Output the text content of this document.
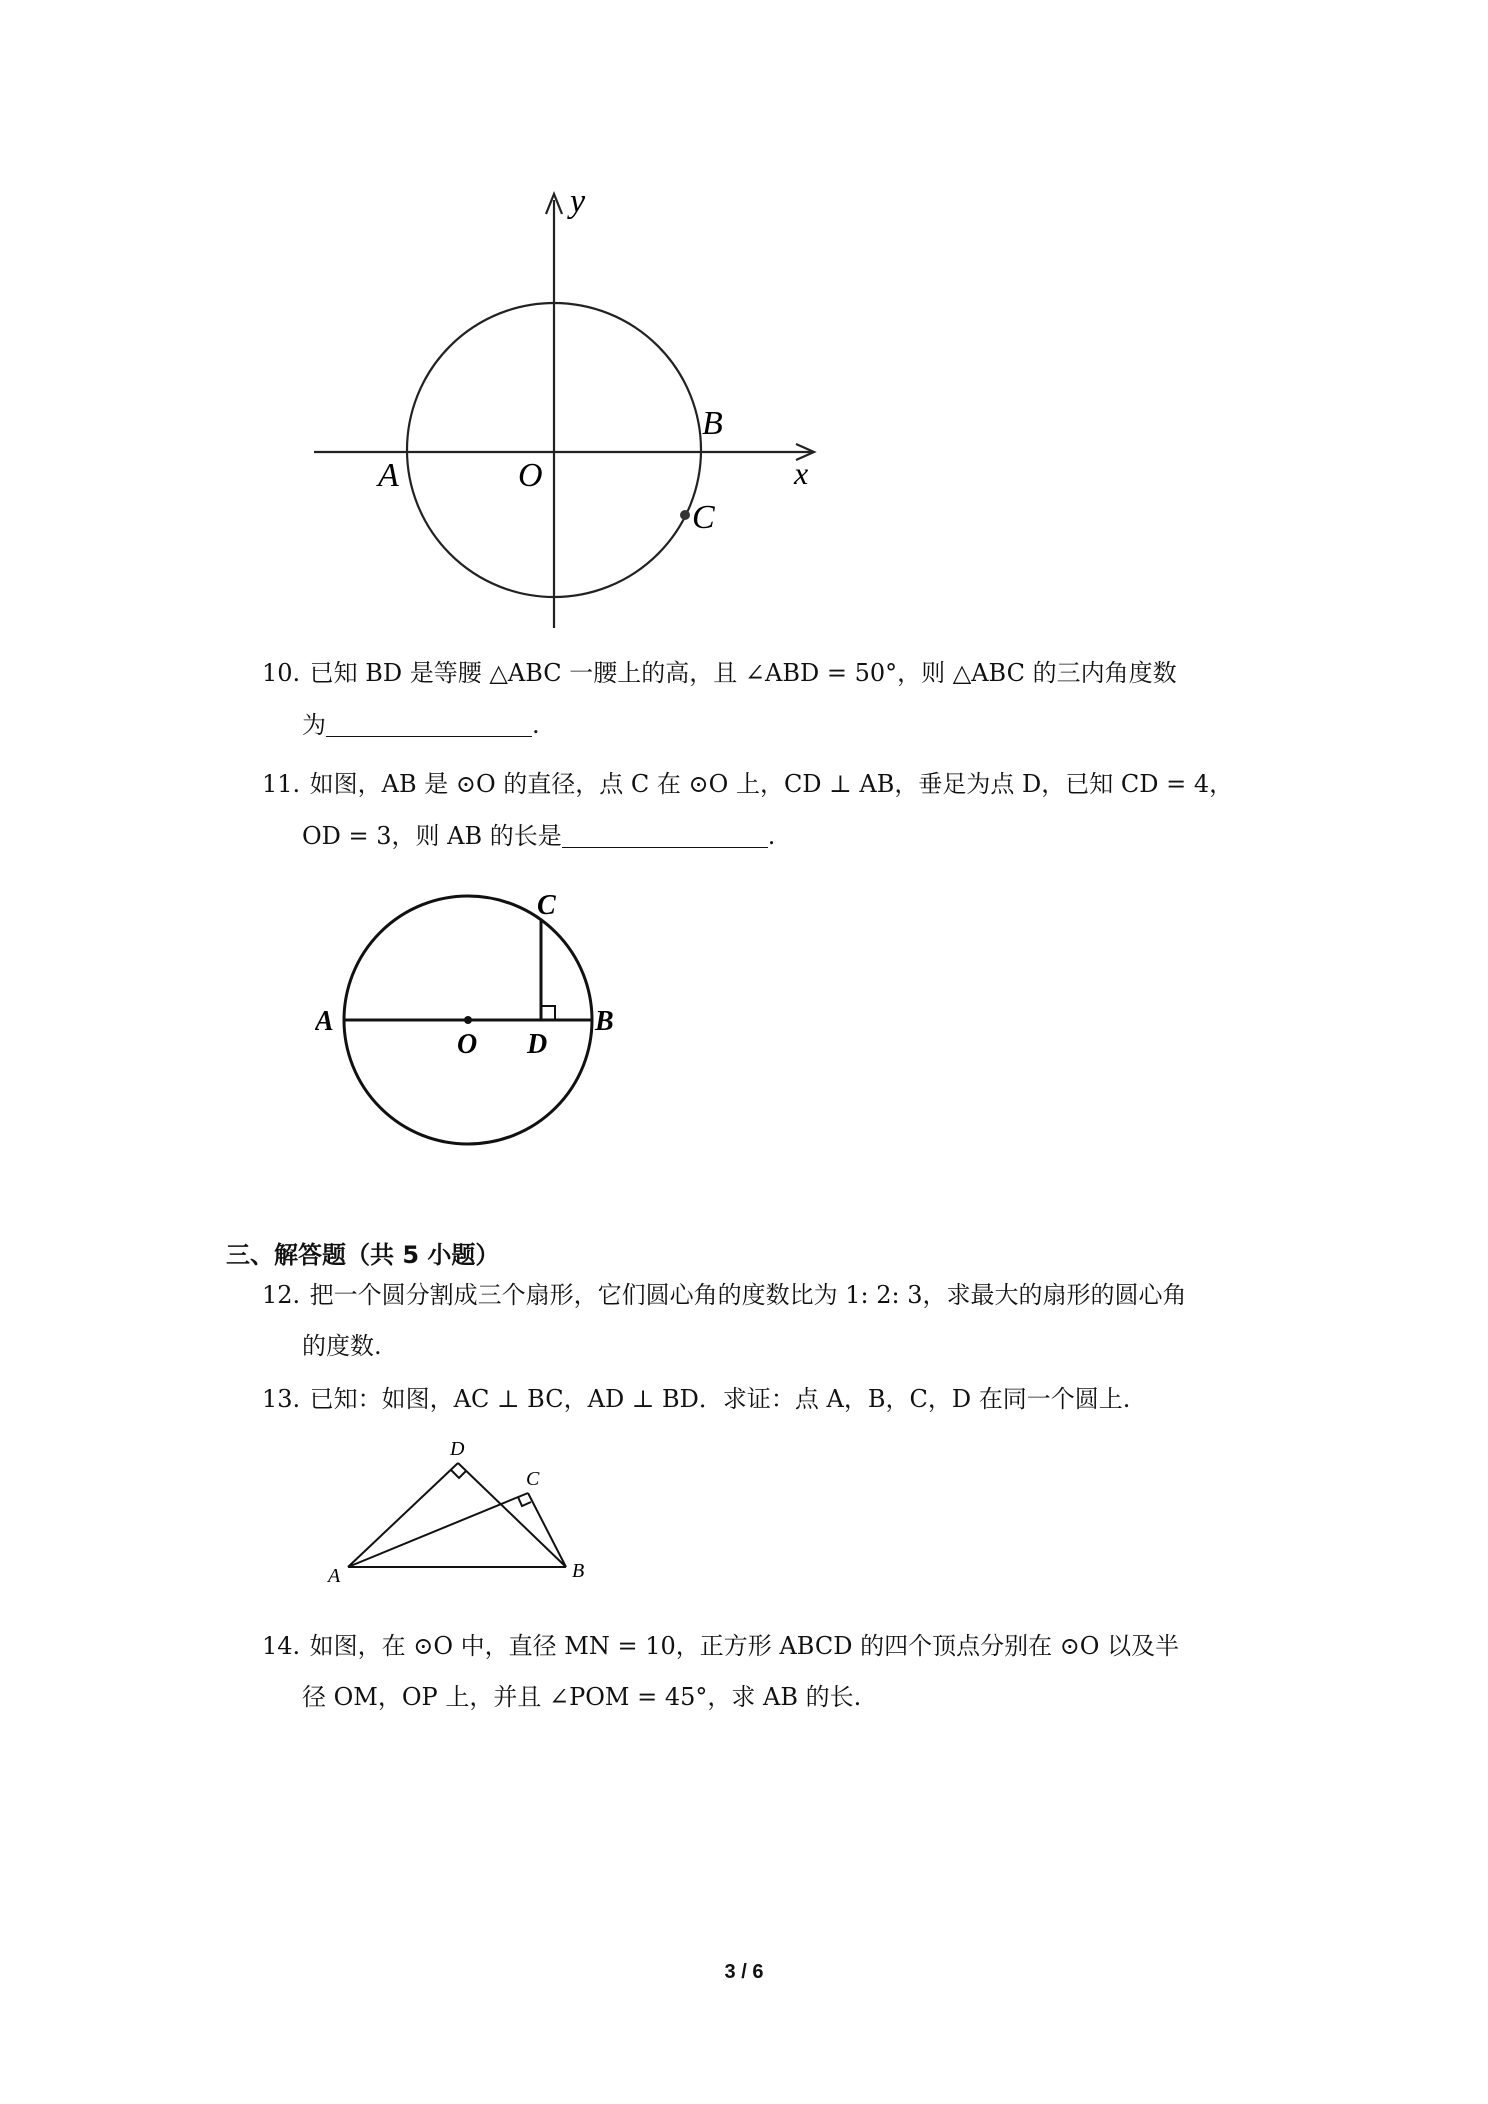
y
x
A	O
B
C
10. 已知 BD 是等腰 △ABC 一腰上的高，且 ∠ABD = 50°，则 △ABC 的三内角度数
为	.
11. 如图，AB 是 ⊙O 的直径，点 C 在 ⊙O 上，CD ⊥ AB，垂足为点 D，已知 CD = 4，
OD = 3，则 AB 的长是	.
A
O D
B
C
三、解答题（共 5 小题）
12. 把一个圆分割成三个扇形，它们圆心角的度数比为 1: 2: 3，求最大的扇形的圆心角
的度数.
13. 已知：如图，AC ⊥ BC，AD ⊥ BD．求证：点 A，B，C，D 在同一个圆上.
D
C
A	B
14. 如图，在 ⊙O 中，直径 MN = 10，正方形 ABCD 的四个顶点分别在 ⊙O 以及半
径 OM，OP 上，并且 ∠POM = 45°，求 AB 的长.
3 / 6
